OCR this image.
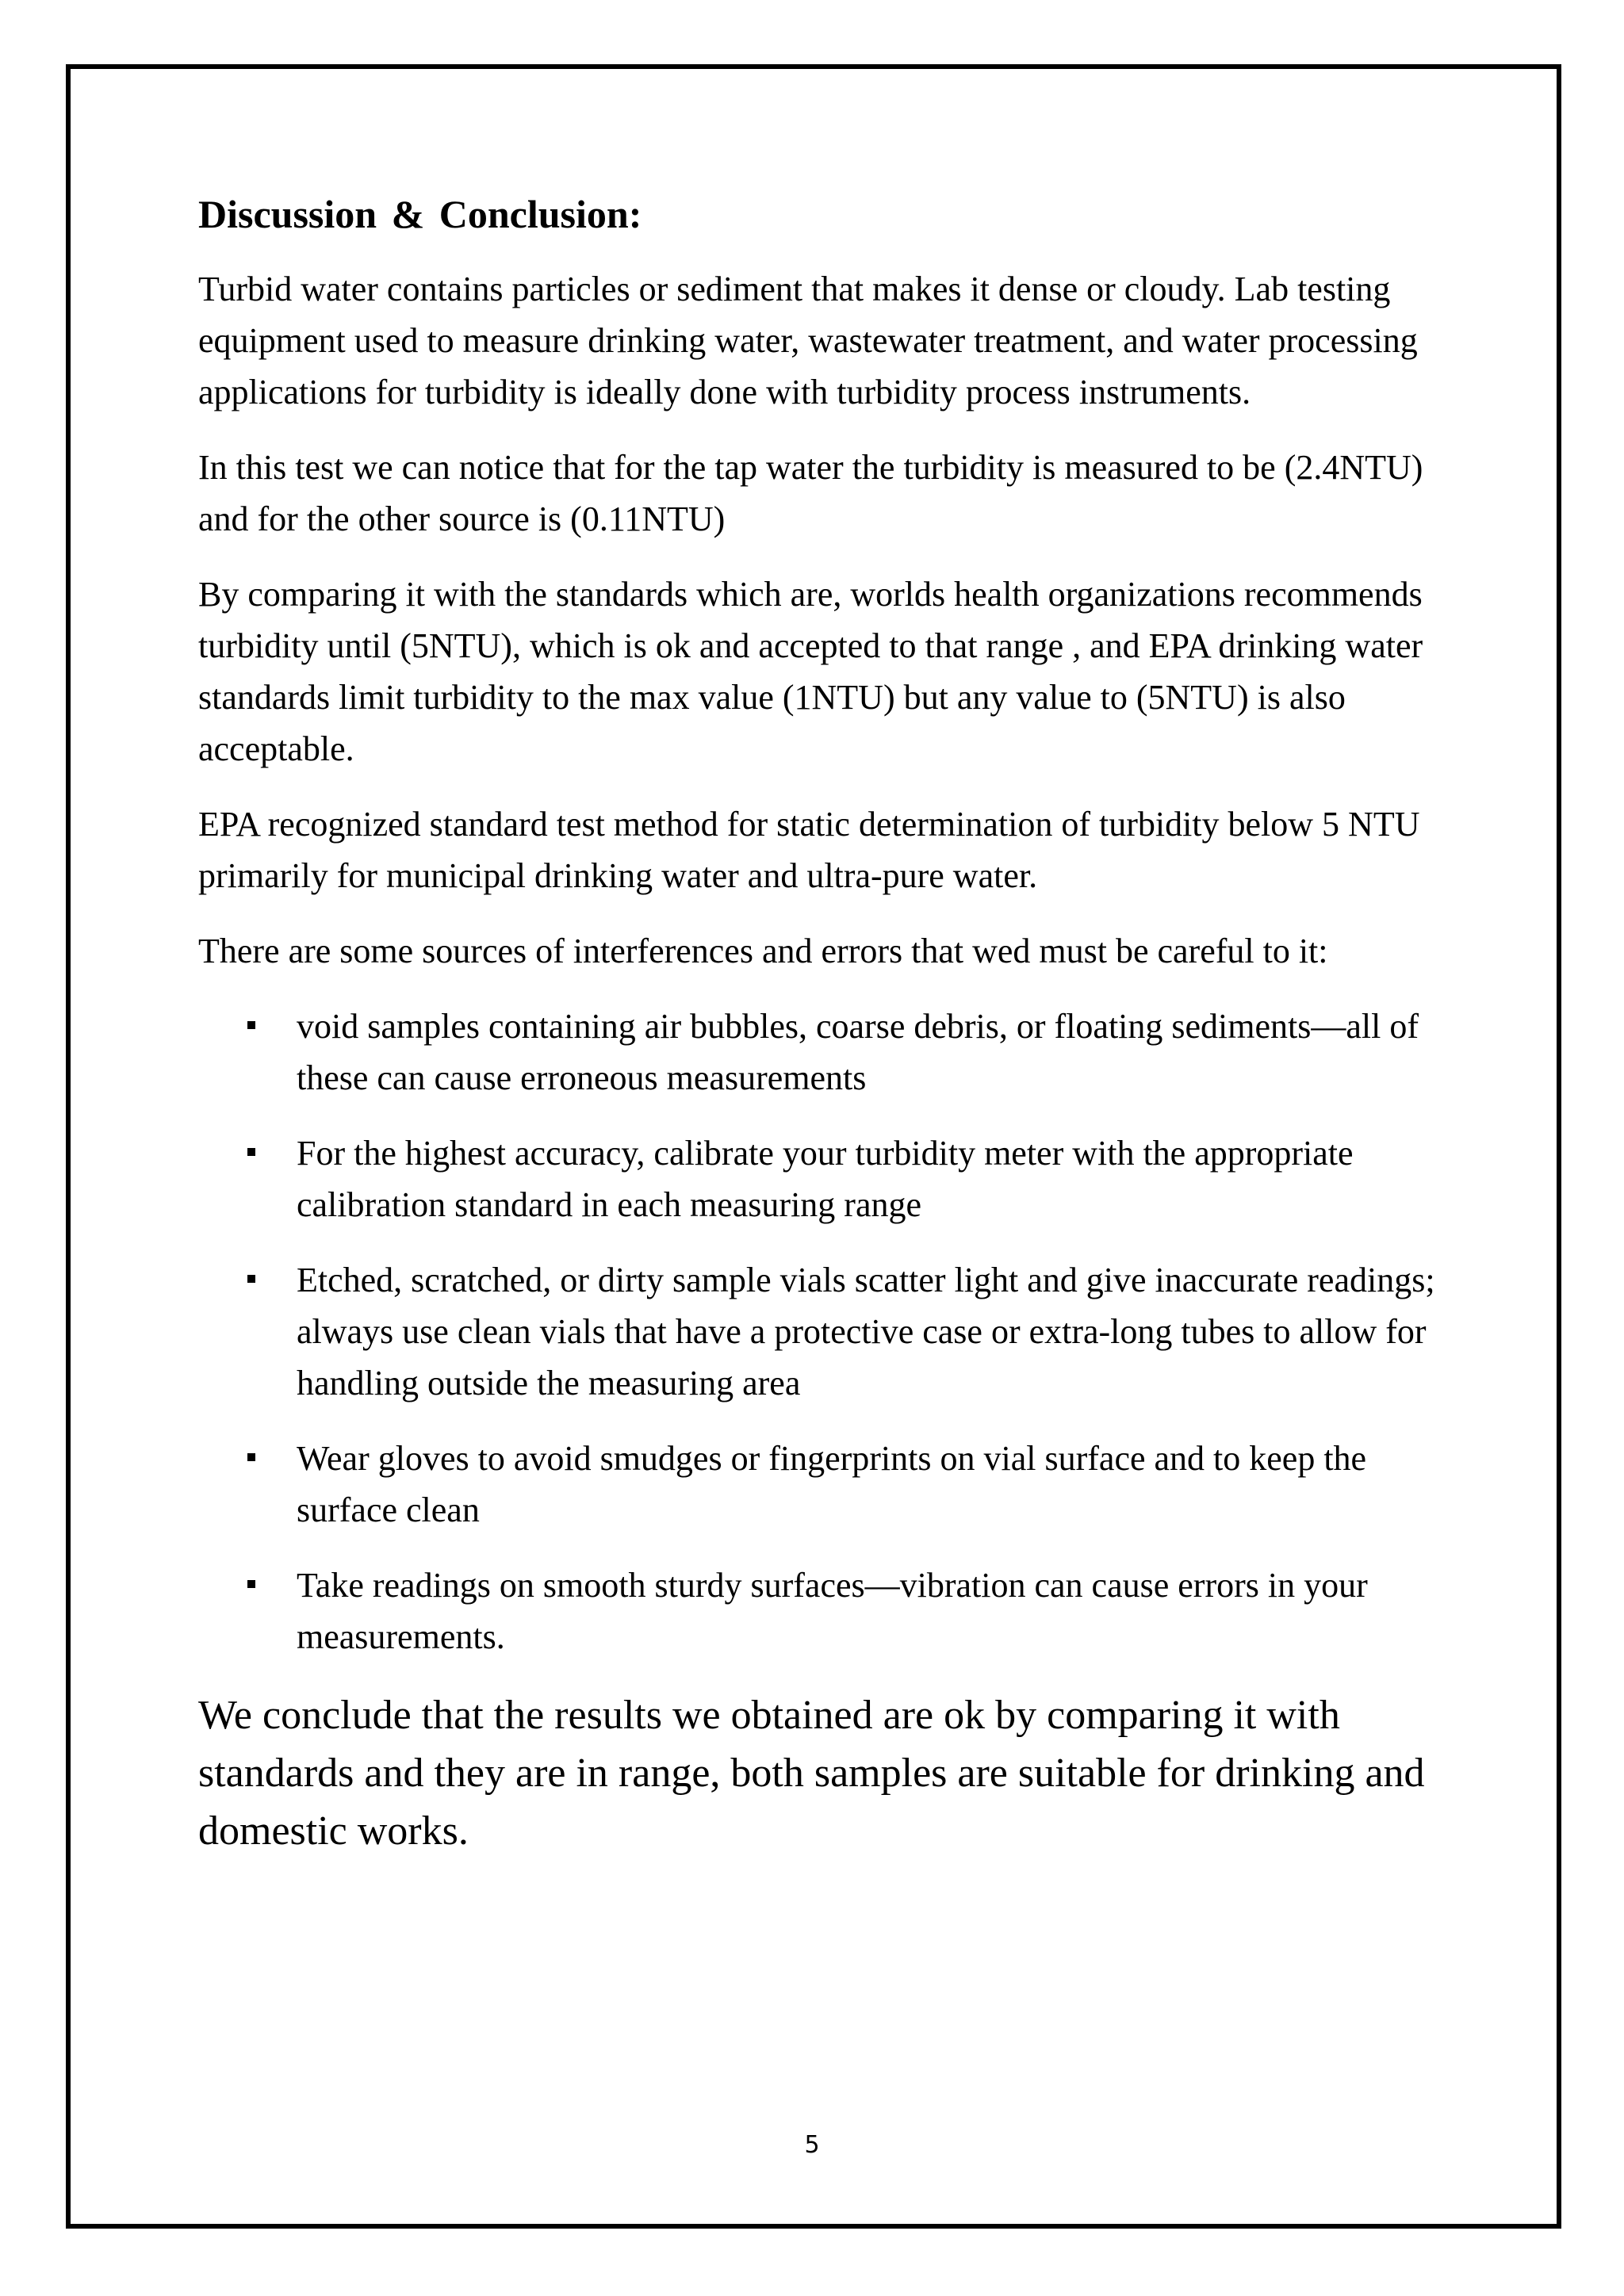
Discussion & Conclusion:

Turbid water contains particles or sediment that makes it dense or cloudy. Lab testing equipment used to measure drinking water, wastewater treatment, and water processing applications for turbidity is ideally done with turbidity process instruments.

In this test we can notice that for the tap water the turbidity is measured to be (2.4NTU) and for the other source is (0.11NTU)

By comparing it with the standards which are, worlds health organizations recommends turbidity until (5NTU), which is ok and accepted to that range , and EPA drinking water standards limit turbidity to the max value (1NTU) but any value to (5NTU) is also acceptable.

EPA recognized standard test method for static determination of turbidity below 5 NTU primarily for municipal drinking water and ultra-pure water.

There are some sources of interferences and errors that wed must be careful to it:

void samples containing air bubbles, coarse debris, or floating sediments—all of these can cause erroneous measurements
For the highest accuracy, calibrate your turbidity meter with the appropriate calibration standard in each measuring range
Etched, scratched, or dirty sample vials scatter light and give inaccurate readings; always use clean vials that have a protective case or extra-long tubes to allow for handling outside the measuring area
Wear gloves to avoid smudges or fingerprints on vial surface and to keep the surface clean
Take readings on smooth sturdy surfaces—vibration can cause errors in your measurements.

We conclude that the results we obtained are ok by comparing it with standards and they are in range, both samples are suitable for drinking and domestic works.

5
